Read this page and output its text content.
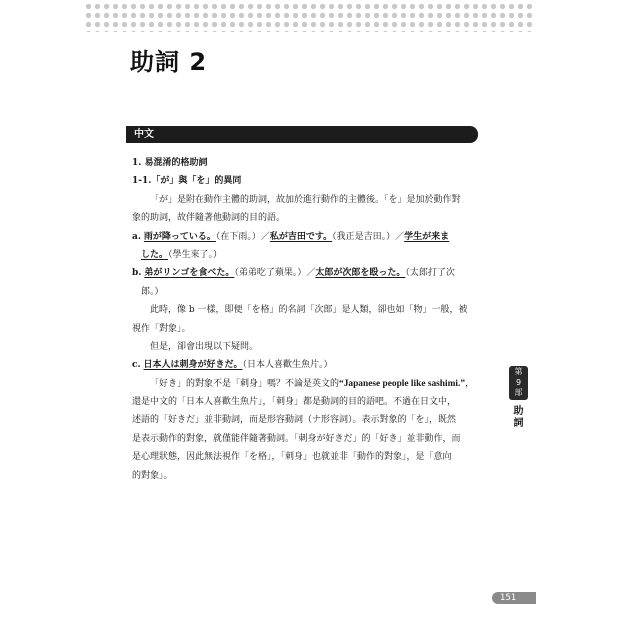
助詞 2
中文
1. 易混淆的格助詞
1-1.「が」與「を」的異同
「が」是附在動作主體的助詞，故加於進行動作的主體後。「を」是加於動作對
象的助詞，故伴隨著他動詞的目的語。
a. 雨が降っている。（在下雨。）／私が吉田です。（我正是吉田。）／学生が来ま
した。（學生來了。）
b. 弟がリンゴを食べた。（弟弟吃了蘋果。）／太郎が次郎を殴った。（太郎打了次
郎。）
此時，像 b 一樣，即便「を格」的名詞「次郎」是人類，卻也如「物」一般，被
視作「對象」。
但是，卻會出現以下疑問。
c. 日本人は刺身が好きだ。（日本人喜歡生魚片。）
「好き」的對象不是「刺身」嗎？不論是英文的“Japanese people like sashimi.”，
還是中文的「日本人喜歡生魚片」，「刺身」都是動詞的目的語吧。不過在日文中，
述語的「好きだ」並非動詞，而是形容動詞（ナ形容詞）。表示對象的「を」，既然
是表示動作的對象，就僅能伴隨著動詞。「刺身が好きだ」的「好き」並非動作，而
是心理狀態，因此無法視作「を格」，「刺身」也就並非「動作的對象」，是「意向
的對象」。
第
9
部
助
詞
151
